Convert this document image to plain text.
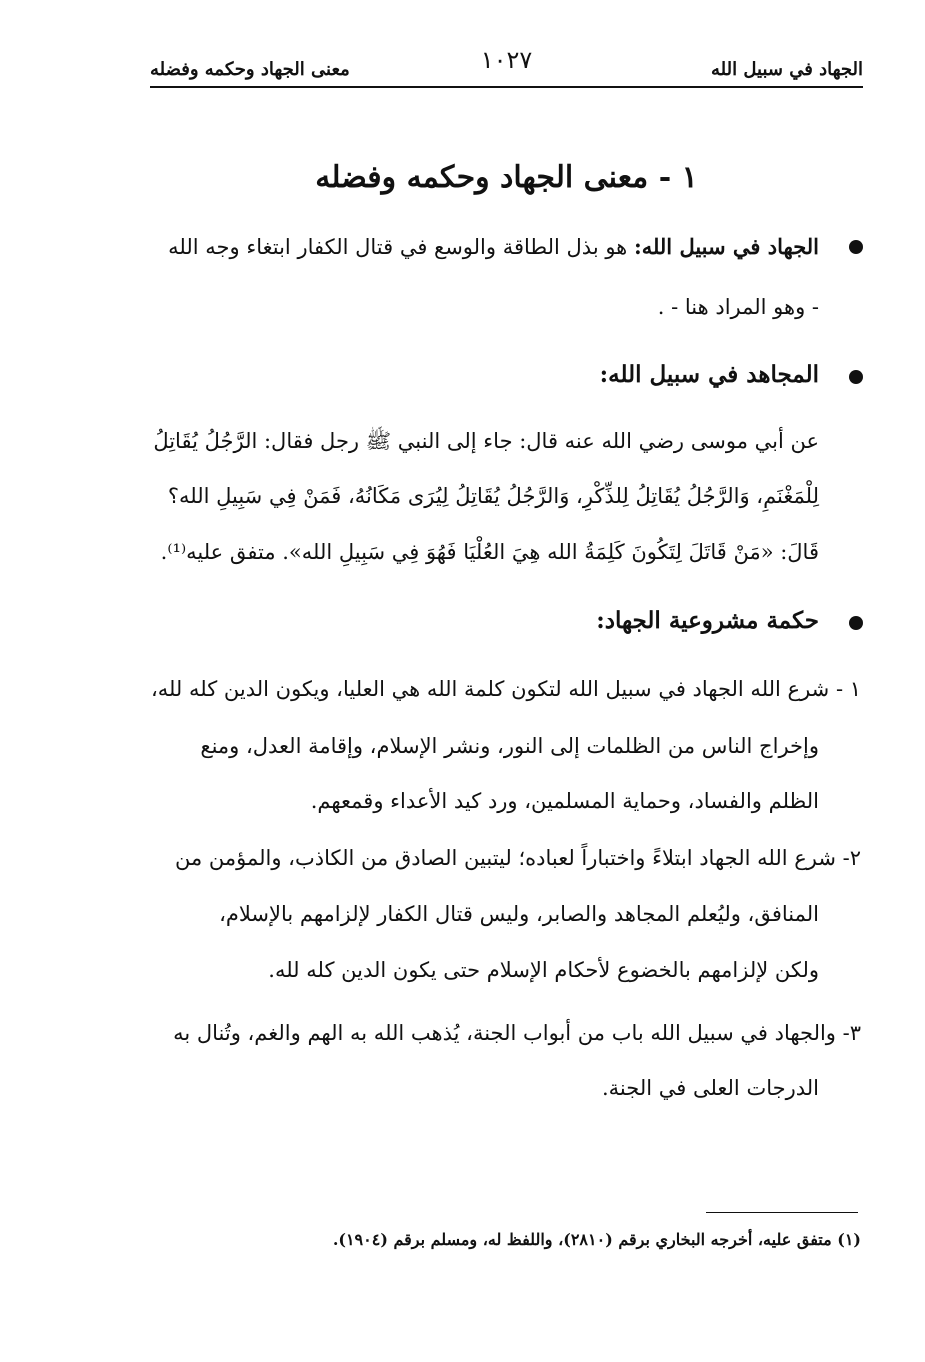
الجهاد في سبيل الله
١٠٢٧
معنى الجهاد وحكمه وفضله
١ - معنى الجهاد وحكمه وفضله
الجهاد في سبيل الله: هو بذل الطاقة والوسع في قتال الكفار ابتغاء وجه الله
- وهو المراد هنا - .
المجاهد في سبيل الله:
عن أبي موسى رضي الله عنه قال: جاء إلى النبي ﷺ رجل فقال: الرَّجُلُ يُقَاتِلُ
لِلْمَغْنَمِ، وَالرَّجُلُ يُقَاتِلُ لِلذِّكْرِ، وَالرَّجُلُ يُقَاتِلُ لِيُرَى مَكَانُهُ، فَمَنْ فِي سَبِيلِ الله؟
قَالَ: «مَنْ قَاتَلَ لِتَكُونَ كَلِمَةُ الله هِيَ العُلْيَا فَهُوَ فِي سَبِيلِ الله». متفق عليه⁽¹⁾.
حكمة مشروعية الجهاد:
١ - شرع الله الجهاد في سبيل الله لتكون كلمة الله هي العليا، ويكون الدين كله لله،
وإخراج الناس من الظلمات إلى النور، ونشر الإسلام، وإقامة العدل، ومنع
الظلم والفساد، وحماية المسلمين، ورد كيد الأعداء وقمعهم.
٢- شرع الله الجهاد ابتلاءً واختباراً لعباده؛ ليتبين الصادق من الكاذب، والمؤمن من
المنافق، وليُعلم المجاهد والصابر، وليس قتال الكفار لإلزامهم بالإسلام،
ولكن لإلزامهم بالخضوع لأحكام الإسلام حتى يكون الدين كله لله.
٣- والجهاد في سبيل الله باب من أبواب الجنة، يُذهب الله به الهم والغم، وتُنال به
الدرجات العلى في الجنة.
(١) متفق عليه، أخرجه البخاري برقم (٢٨١٠)، واللفظ له، ومسلم برقم (١٩٠٤).
